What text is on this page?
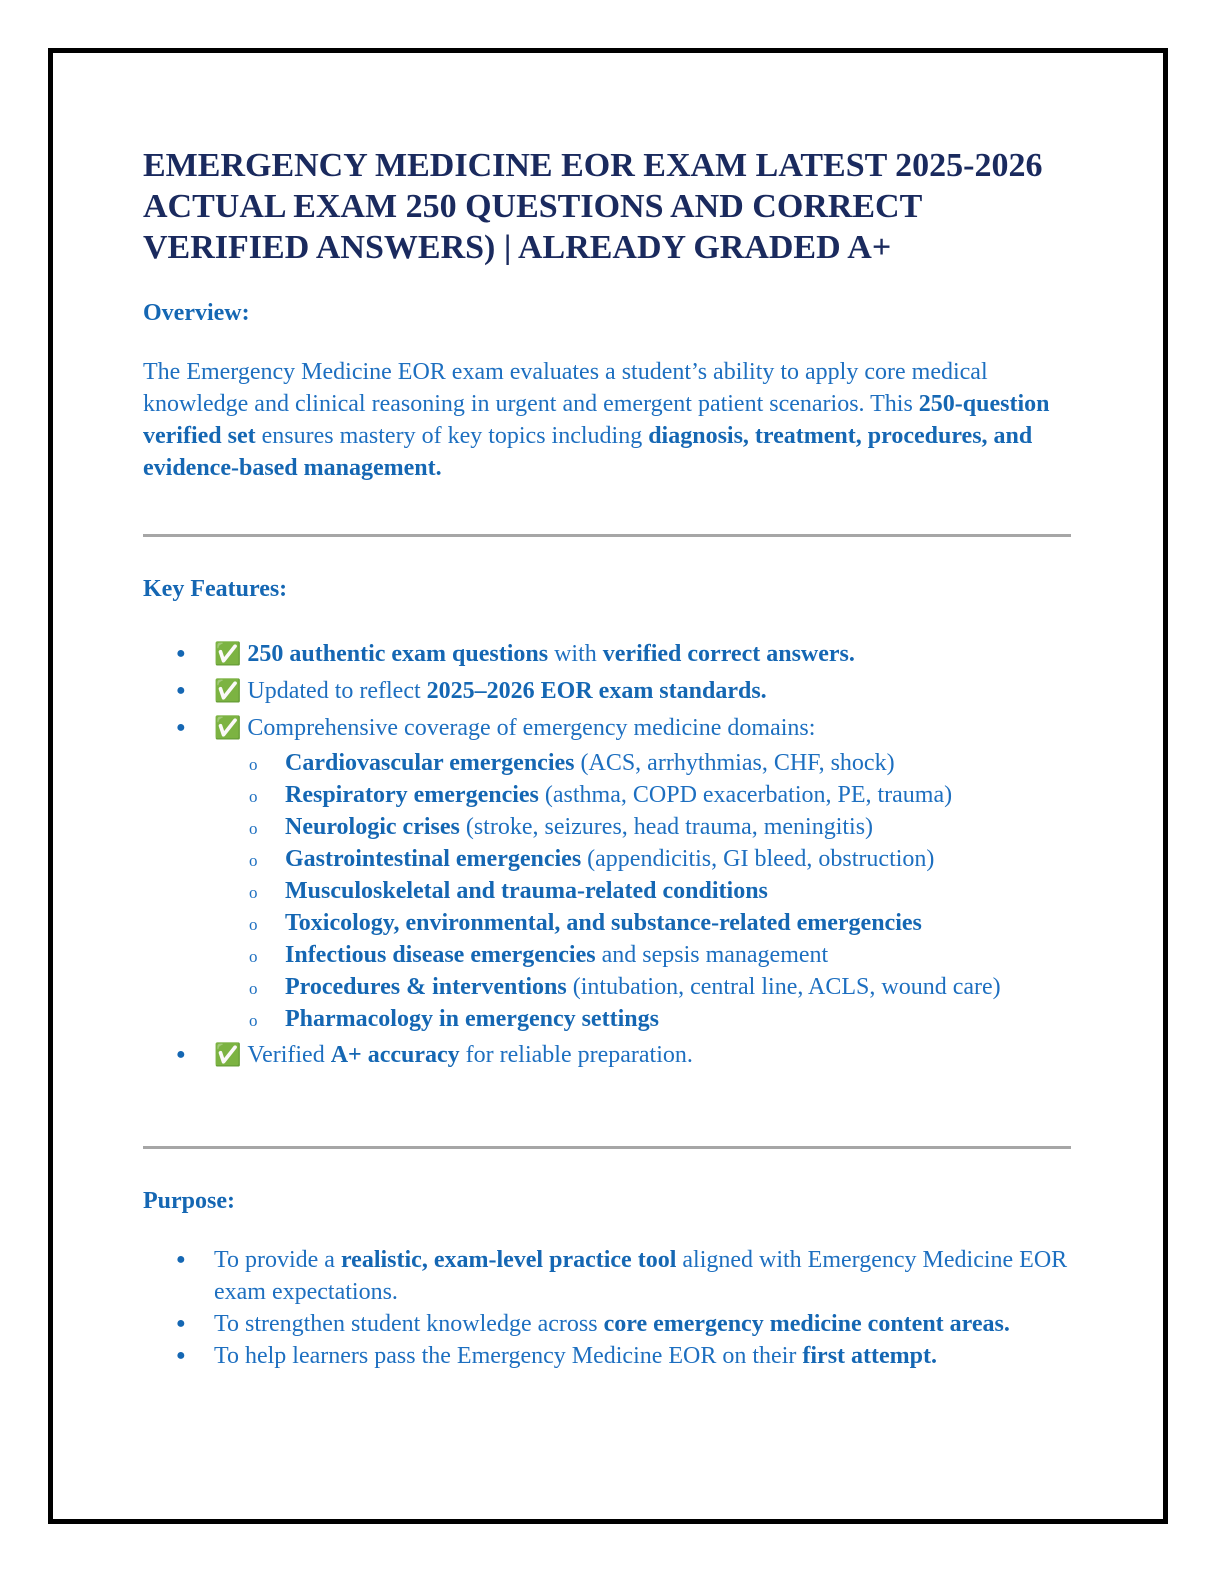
EMERGENCY MEDICINE EOR EXAM LATEST 2025-2026 ACTUAL EXAM 250 QUESTIONS AND CORRECT VERIFIED ANSWERS) | ALREADY GRADED A+
Overview:

The Emergency Medicine EOR exam evaluates a student’s ability to apply core medical knowledge and clinical reasoning in urgent and emergent patient scenarios. This 250-question verified set ensures mastery of key topics including diagnosis, treatment, procedures, and evidence-based management.

Key Features:
● ✅ 250 authentic exam questions with verified correct answers.
● ✅ Updated to reflect 2025–2026 EOR exam standards.
● ✅ Comprehensive coverage of emergency medicine domains:
o Cardiovascular emergencies (ACS, arrhythmias, CHF, shock)
o Respiratory emergencies (asthma, COPD exacerbation, PE, trauma)
o Neurologic crises (stroke, seizures, head trauma, meningitis)
o Gastrointestinal emergencies (appendicitis, GI bleed, obstruction)
o Musculoskeletal and trauma-related conditions
o Toxicology, environmental, and substance-related emergencies
o Infectious disease emergencies and sepsis management
o Procedures & interventions (intubation, central line, ACLS, wound care)
o Pharmacology in emergency settings
● ✅ Verified A+ accuracy for reliable preparation.
Purpose:
● To provide a realistic, exam-level practice tool aligned with Emergency Medicine EOR exam expectations.
● To strengthen student knowledge across core emergency medicine content areas.
● To help learners pass the Emergency Medicine EOR on their first attempt.
